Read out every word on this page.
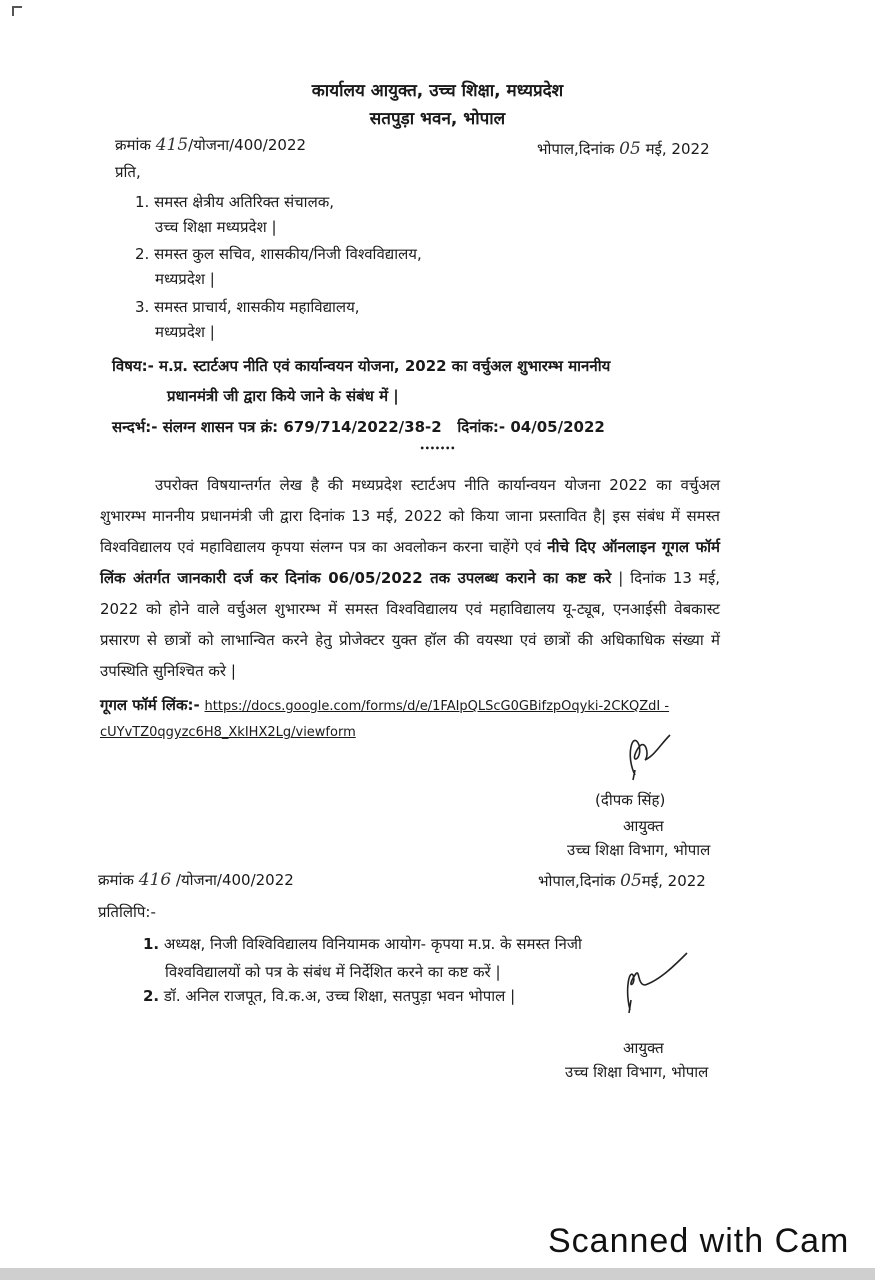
कार्यालय आयुक्त, उच्च शिक्षा, मध्यप्रदेश
सतपुड़ा भवन, भोपाल
क्रमांक 415/योजना/400/2022	भोपाल,दिनांक 05 मई, 2022
प्रति,
1. समस्त क्षेत्रीय अतिरिक्त संचालक,
उच्च शिक्षा मध्यप्रदेश |
2. समस्त कुल सचिव, शासकीय/निजी विश्वविद्यालय,
मध्यप्रदेश |
3. समस्त प्राचार्य, शासकीय महाविद्यालय,
मध्यप्रदेश |
विषय:- म.प्र. स्टार्टअप नीति एवं कार्यान्वयन योजना, 2022 का वर्चुअल शुभारम्भ माननीय
प्रधानमंत्री जी द्वारा किये जाने के संबंध में |
सन्दर्भ:- संलग्न शासन पत्र क्रं: 679/714/2022/38-2   दिनांक:- 04/05/2022
•••••••
उपरोक्त विषयान्तर्गत लेख है की मध्यप्रदेश स्टार्टअप नीति कार्यान्वयन योजना 2022 का वर्चुअल शुभारम्भ माननीय प्रधानमंत्री जी द्वारा दिनांक 13 मई, 2022 को किया जाना प्रस्तावित है| इस संबंध में समस्त विश्वविद्यालय एवं महाविद्यालय कृपया संलग्न पत्र का अवलोकन करना चाहेंगे एवं नीचे दिए ऑनलाइन गूगल फॉर्म लिंक अंतर्गत जानकारी दर्ज कर दिनांक 06/05/2022 तक उपलब्ध कराने का कष्ट करे | दिनांक 13 मई, 2022 को होने वाले वर्चुअल शुभारम्भ में समस्त विश्वविद्यालय एवं महाविद्यालय यू-ट्यूब, एनआईसी वेबकास्ट प्रसारण से छात्रों को लाभान्वित करने हेतु प्रोजेक्टर युक्त हॉल की वयस्था एवं छात्रों की अधिकाधिक संख्या में उपस्थिति सुनिश्चित करे |
गूगल फॉर्म लिंक:- https://docs.google.com/forms/d/e/1FAIpQLScG0GBifzpOqyki-2CKQZdI -
cUYvTZ0qgyzc6H8_XkIHX2Lg/viewform
(दीपक सिंह)
आयुक्त
उच्च शिक्षा विभाग, भोपाल
क्रमांक 416 /योजना/400/2022	भोपाल,दिनांक 05मई, 2022
प्रतिलिपि:-
1. अध्यक्ष, निजी विश्विविद्यालय विनियामक आयोग- कृपया म.प्र. के समस्त निजी
विश्वविद्यालयों को पत्र के संबंध में निर्देशित करने का कष्ट करें |
2. डॉ. अनिल राजपूत, वि.क.अ, उच्च शिक्षा, सतपुड़ा भवन भोपाल |
आयुक्त
उच्च शिक्षा विभाग, भोपाल
Scanned with Cam
